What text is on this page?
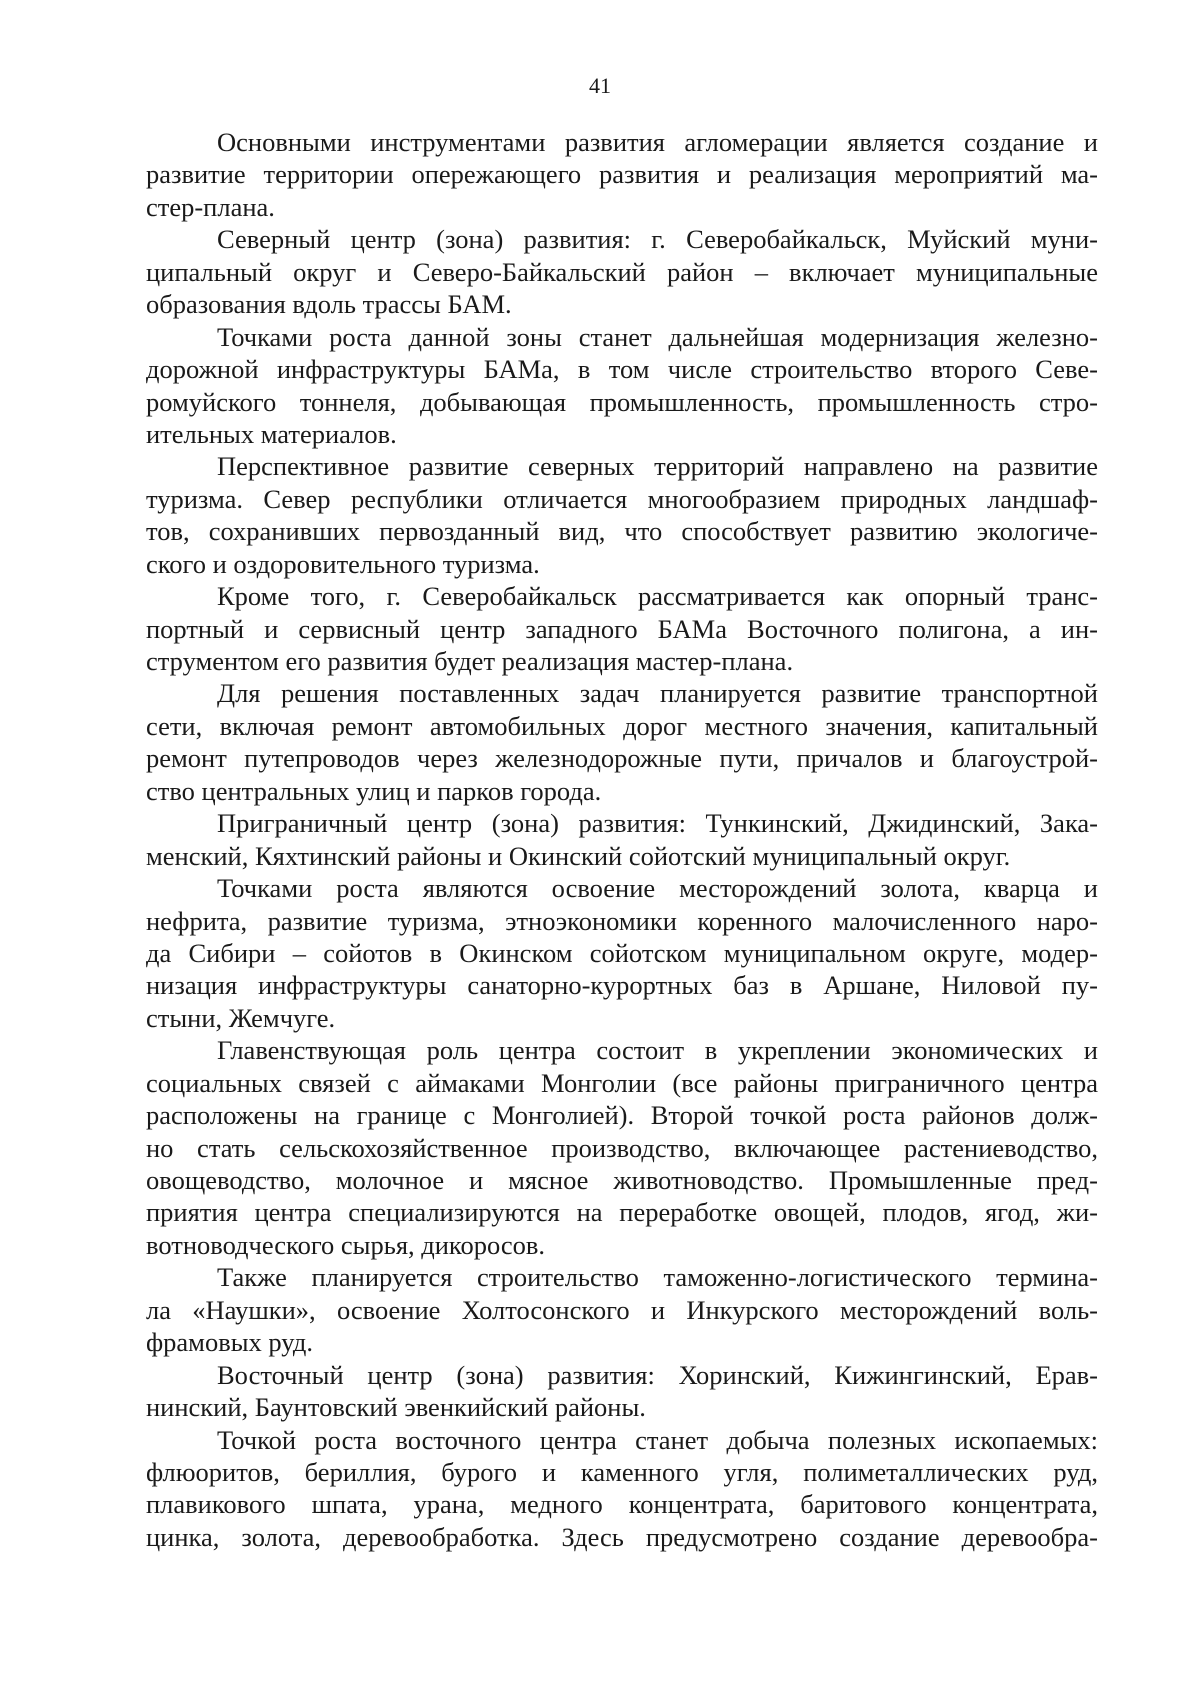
41
Основными инструментами развития агломерации является создание и
развитие территории опережающего развития и реализация мероприятий ма-
стер-плана.
Северный центр (зона) развития: г. Северобайкальск, Муйский муни-
ципальный округ и Северо-Байкальский район – включает муниципальные
образования вдоль трассы БАМ.
Точками роста данной зоны станет дальнейшая модернизация железно-
дорожной инфраструктуры БАМа, в том числе строительство второго Севе-
ромуйского тоннеля, добывающая промышленность, промышленность стро-
ительных материалов.
Перспективное развитие северных территорий направлено на развитие
туризма. Север республики отличается многообразием природных ландшаф-
тов, сохранивших первозданный вид, что способствует развитию экологиче-
ского и оздоровительного туризма.
Кроме того, г. Северобайкальск рассматривается как опорный транс-
портный и сервисный центр западного БАМа Восточного полигона, а ин-
струментом его развития будет реализация мастер-плана.
Для решения поставленных задач планируется развитие транспортной
сети, включая ремонт автомобильных дорог местного значения, капитальный
ремонт путепроводов через железнодорожные пути, причалов и благоустрой-
ство центральных улиц и парков города.
Приграничный центр (зона) развития: Тункинский, Джидинский, Зака-
менский, Кяхтинский районы и Окинский сойотский муниципальный округ.
Точками роста являются освоение месторождений золота, кварца и
нефрита, развитие туризма, этноэкономики коренного малочисленного наро-
да Сибири – сойотов в Окинском сойотском муниципальном округе, модер-
низация инфраструктуры санаторно-курортных баз в Аршане, Ниловой пу-
стыни, Жемчуге.
Главенствующая роль центра состоит в укреплении экономических и
социальных связей с аймаками Монголии (все районы приграничного центра
расположены на границе с Монголией). Второй точкой роста районов долж-
но стать сельскохозяйственное производство, включающее растениеводство,
овощеводство, молочное и мясное животноводство. Промышленные пред-
приятия центра специализируются на переработке овощей, плодов, ягод, жи-
вотноводческого сырья, дикоросов.
Также планируется строительство таможенно-логистического термина-
ла «Наушки», освоение Холтосонского и Инкурского месторождений воль-
фрамовых руд.
Восточный центр (зона) развития: Хоринский, Кижингинский, Ерав-
нинский, Баунтовский эвенкийский районы.
Точкой роста восточного центра станет добыча полезных ископаемых:
флюоритов, бериллия, бурого и каменного угля, полиметаллических руд,
плавикового шпата, урана, медного концентрата, баритового концентрата,
цинка, золота, деревообработка. Здесь предусмотрено создание деревообра-
